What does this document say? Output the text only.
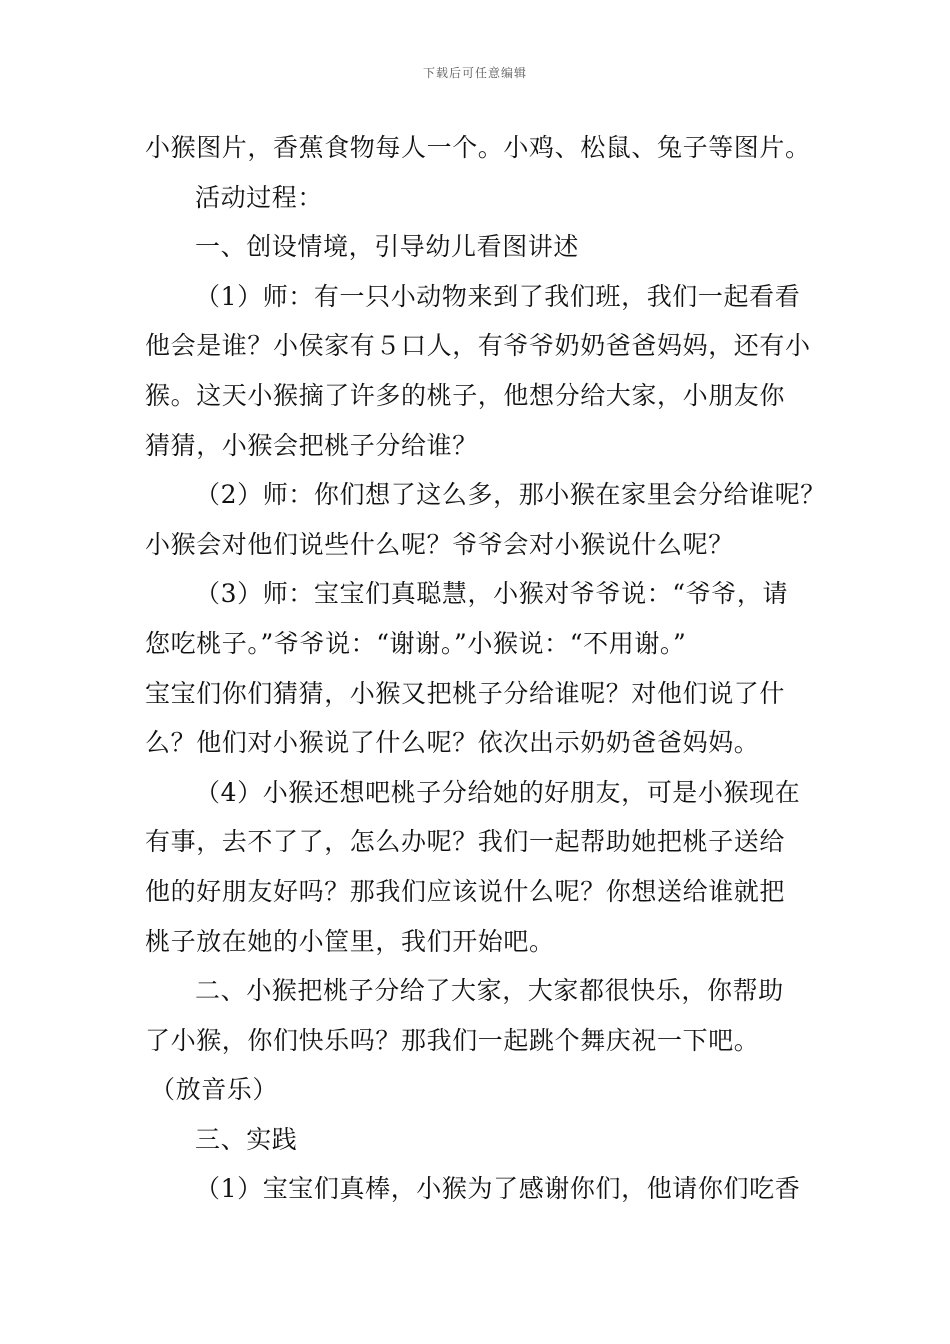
下载后可任意编辑
小猴图片，香蕉食物每人一个。小鸡、松鼠、兔子等图片。
活动过程：
一、创设情境，引导幼儿看图讲述
（1）师：有一只小动物来到了我们班，我们一起看看
他会是谁？小侯家有５口人，有爷爷奶奶爸爸妈妈，还有小
猴。这天小猴摘了许多的桃子，他想分给大家，小朋友你
猜猜，小猴会把桃子分给谁？
（2）师：你们想了这么多，那小猴在家里会分给谁呢？
小猴会对他们说些什么呢？爷爷会对小猴说什么呢？
（3）师：宝宝们真聪慧，小猴对爷爷说：“爷爷，请
您吃桃子。”爷爷说：“谢谢。”小猴说：“不用谢。”
宝宝们你们猜猜，小猴又把桃子分给谁呢？对他们说了什
么？他们对小猴说了什么呢？依次出示奶奶爸爸妈妈。
（4）小猴还想吧桃子分给她的好朋友，可是小猴现在
有事，去不了了，怎么办呢？我们一起帮助她把桃子送给
他的好朋友好吗？那我们应该说什么呢？你想送给谁就把
桃子放在她的小筐里，我们开始吧。
二、小猴把桃子分给了大家，大家都很快乐，你帮助
了小猴，你们快乐吗？那我们一起跳个舞庆祝一下吧。
（放音乐）
三、实践
（1）宝宝们真棒，小猴为了感谢你们，他请你们吃香
